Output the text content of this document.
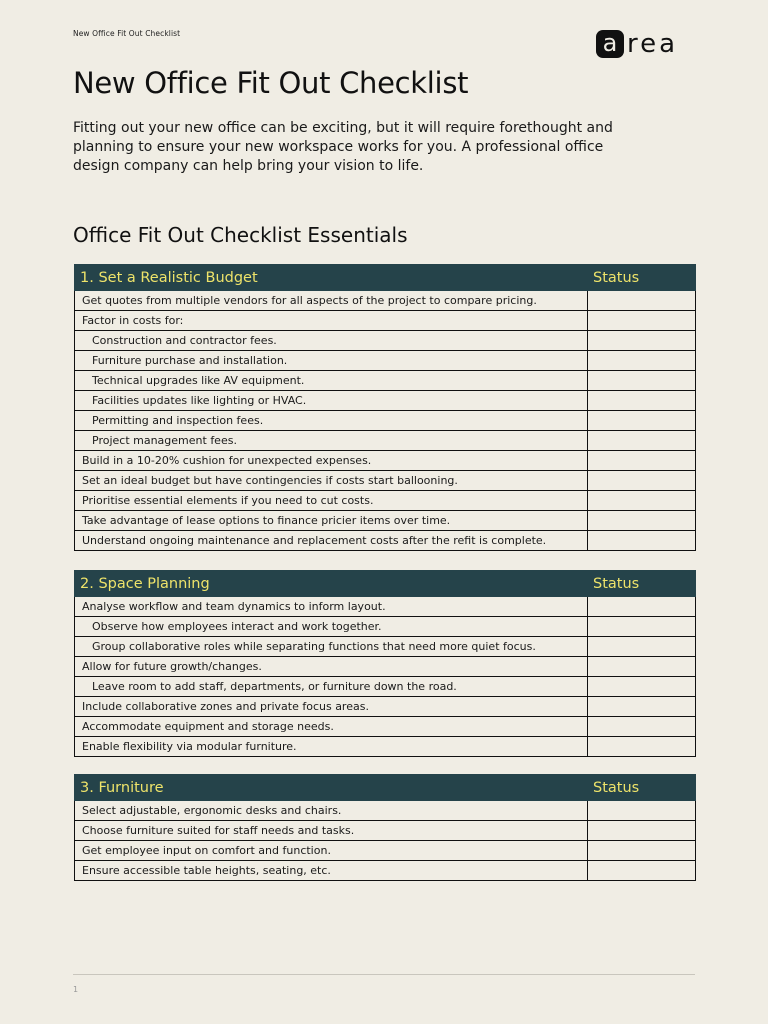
New Office Fit Out Checklist	a rea
New Office Fit Out Checklist

Fitting out your new office can be exciting, but it will require forethought and planning to ensure your new workspace works for you. A professional office design company can help bring your vision to life.

Office Fit Out Checklist Essentials
1. Set a Realistic Budget	Status
Get quotes from multiple vendors for all aspects of the project to compare pricing.	
Factor in costs for:	
Construction and contractor fees.	
Furniture purchase and installation.	
Technical upgrades like AV equipment.	
Facilities updates like lighting or HVAC.	
Permitting and inspection fees.	
Project management fees.	
Build in a 10-20% cushion for unexpected expenses.	
Set an ideal budget but have contingencies if costs start ballooning.	
Prioritise essential elements if you need to cut costs.	
Take advantage of lease options to finance pricier items over time.	
Understand ongoing maintenance and replacement costs after the refit is complete.	
2. Space Planning	Status
Analyse workflow and team dynamics to inform layout.	
Observe how employees interact and work together.	
Group collaborative roles while separating functions that need more quiet focus.	
Allow for future growth/changes.	
Leave room to add staff, departments, or furniture down the road.	
Include collaborative zones and private focus areas.	
Accommodate equipment and storage needs.	
Enable flexibility via modular furniture.	
3. Furniture	Status
Select adjustable, ergonomic desks and chairs.	
Choose furniture suited for staff needs and tasks.	
Get employee input on comfort and function.	
Ensure accessible table heights, seating, etc.	
1
